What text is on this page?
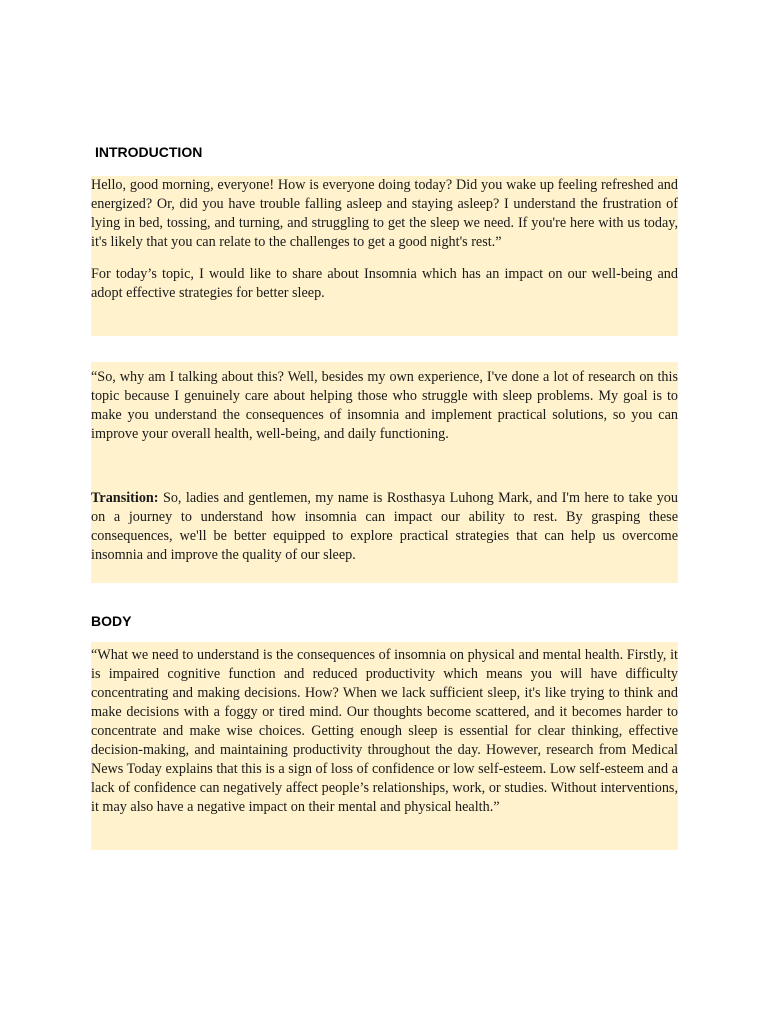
INTRODUCTION

Hello, good morning, everyone! How is everyone doing today? Did you wake up feeling refreshed and energized? Or, did you have trouble falling asleep and staying asleep? I understand the frustration of lying in bed, tossing, and turning, and struggling to get the sleep we need. If you're here with us today, it's likely that you can relate to the challenges to get a good night's rest.”

For today’s topic, I would like to share about Insomnia which has an impact on our well-being and adopt effective strategies for better sleep.

“So, why am I talking about this? Well, besides my own experience, I've done a lot of research on this topic because I genuinely care about helping those who struggle with sleep problems. My goal is to make you understand the consequences of insomnia and implement practical solutions, so you can improve your overall health, well-being, and daily functioning.

Transition: So, ladies and gentlemen, my name is Rosthasya Luhong Mark, and I'm here to take you on a journey to understand how insomnia can impact our ability to rest. By grasping these consequences, we'll be better equipped to explore practical strategies that can help us overcome insomnia and improve the quality of our sleep.

BODY

“What we need to understand is the consequences of insomnia on physical and mental health. Firstly, it is impaired cognitive function and reduced productivity which means you will have difficulty concentrating and making decisions. How? When we lack sufficient sleep, it's like trying to think and make decisions with a foggy or tired mind. Our thoughts become scattered, and it becomes harder to concentrate and make wise choices. Getting enough sleep is essential for clear thinking, effective decision-making, and maintaining productivity throughout the day. However, research from Medical News Today explains that this is a sign of loss of confidence or low self-esteem. Low self-esteem and a lack of confidence can negatively affect people’s relationships, work, or studies. Without interventions, it may also have a negative impact on their mental and physical health.”
